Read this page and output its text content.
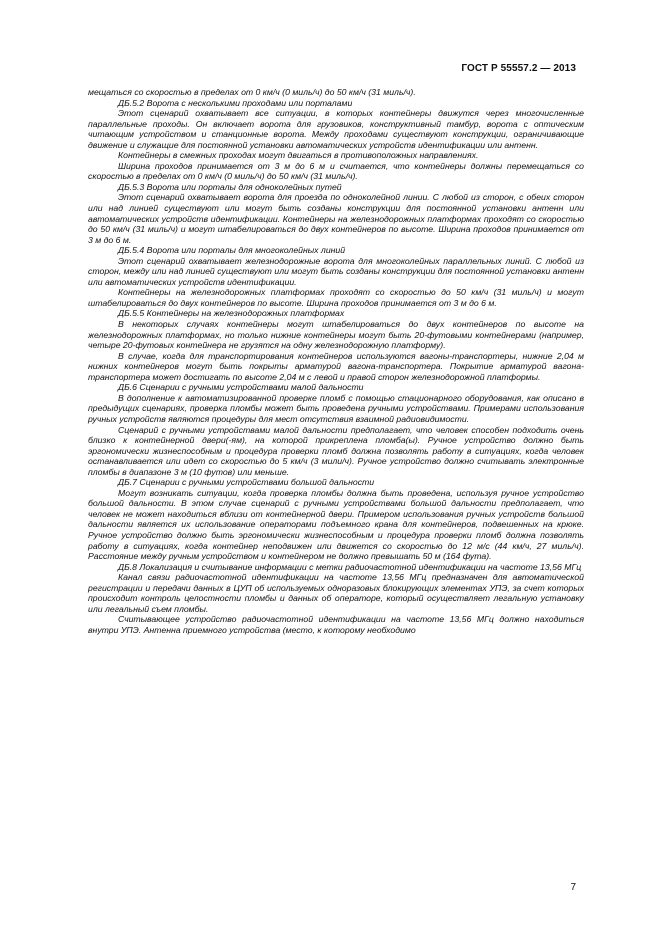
ГОСТ Р 55557.2 — 2013

мещаться со скоростью в пределах от 0 км/ч (0 миль/ч) до 50 км/ч (31 миль/ч).

ДБ.5.2 Ворота с несколькими проходами или порталами

Этот сценарий охватывает все ситуации, в которых контейнеры движутся через многочисленные параллельные проходы. Он включает ворота для грузовиков, конструктивный тамбур, ворота с оптическим читающим устройством и станционные ворота. Между проходами существуют конструкции, ограничивающие движение и служащие для постоянной установки автоматических устройств идентификации или антенн.

Контейнеры в смежных проходах могут двигаться в противоположных направлениях.

Ширина проходов принимается от 3 м до 6 м и считается, что контейнеры должны перемещаться со скоростью в пределах от 0 км/ч (0 миль/ч) до 50 км/ч (31 миль/ч).

ДБ.5.3 Ворота или порталы для одноколейных путей

Этот сценарий охватывает ворота для проезда по одноколейной линии. С любой из сторон, с обеих сторон или над линией существуют или могут быть созданы конструкции для постоянной установки антенн или автоматических устройств идентификации. Контейнеры на железнодорожных платформах проходят со скоростью до 50 км/ч (31 миль/ч) и могут штабелироваться до двух контейнеров по высоте. Ширина проходов принимается от 3 м до 6 м.

ДБ.5.4 Ворота или порталы для многоколейных линий

Этот сценарий охватывает железнодорожные ворота для многоколейных параллельных линий. С любой из сторон, между или над линией существуют или могут быть созданы конструкции для постоянной установки антенн или автоматических устройств идентификации.

Контейнеры на железнодорожных платформах проходят со скоростью до 50 км/ч (31 миль/ч) и могут штабелироваться до двух контейнеров по высоте. Ширина проходов принимается от 3 м до 6 м.

ДБ.5.5 Контейнеры на железнодорожных платформах

В некоторых случаях контейнеры могут штабелироваться до двух контейнеров по высоте на железнодорожных платформах, но только нижние контейнеры могут быть 20-футовыми контейнерами (например, четыре 20-футовых контейнера не грузятся на одну железнодорожную платформу).

В случае, когда для транспортирования контейнеров используются вагоны-транспортеры, нижние 2,04 м нижних контейнеров могут быть покрыты арматурой вагона-транспортера. Покрытие арматурой вагона-транспортера может достигать по высоте 2,04 м с левой и правой сторон железнодорожной платформы.

ДБ.6 Сценарии с ручными устройствами малой дальности

В дополнение к автоматизированной проверке пломб с помощью стационарного оборудования, как описано в предыдущих сценариях, проверка пломбы может быть проведена ручными устройствами. Примерами использования ручных устройств являются процедуры для мест отсутствия взаимной радиовидимости.

Сценарий с ручными устройствами малой дальности предполагает, что человек способен подходить очень близко к контейнерной двери(-ям), на которой прикреплена пломба(ы). Ручное устройство должно быть эргономически жизнеспособным и процедура проверки пломб должна позволять работу в ситуациях, когда человек останавливается или идет со скоростью до 5 км/ч (3 мили/ч). Ручное устройство должно считывать электронные пломбы в диапазоне 3 м (10 футов) или меньше.

ДБ.7 Сценарии с ручными устройствами большой дальности

Могут возникать ситуации, когда проверка пломбы должна быть проведена, используя ручное устройство большой дальности. В этом случае сценарий с ручными устройствами большой дальности предполагает, что человек не может находиться вблизи от контейнерной двери. Примером использования ручных устройств большой дальности является их использование операторами подъемного крана для контейнеров, подвешенных на крюке. Ручное устройство должно быть эргономически жизнеспособным и процедура проверки пломб должна позволять работу в ситуациях, когда контейнер неподвижен или движется со скоростью до 12 м/с (44 км/ч, 27 миль/ч). Расстояние между ручным устройством и контейнером не должно превышать 50 м (164 фута).

ДБ.8 Локализация и считывание информации с метки радиочастотной идентификации на частоте 13,56 МГц

Канал связи радиочастотной идентификации на частоте 13,56 МГц предназначен для автоматической регистрации и передачи данных в ЦУП об используемых одноразовых блокирующих элементах УПЭ, за счет которых происходит контроль целостности пломбы и данных об операторе, который осуществляет легальную установку или легальный съем пломбы.

Считывающее устройство радиочастотной идентификации на частоте 13,56 МГц должно находиться внутри УПЭ. Антенна приемного устройства (место, к которому необходимо

7
